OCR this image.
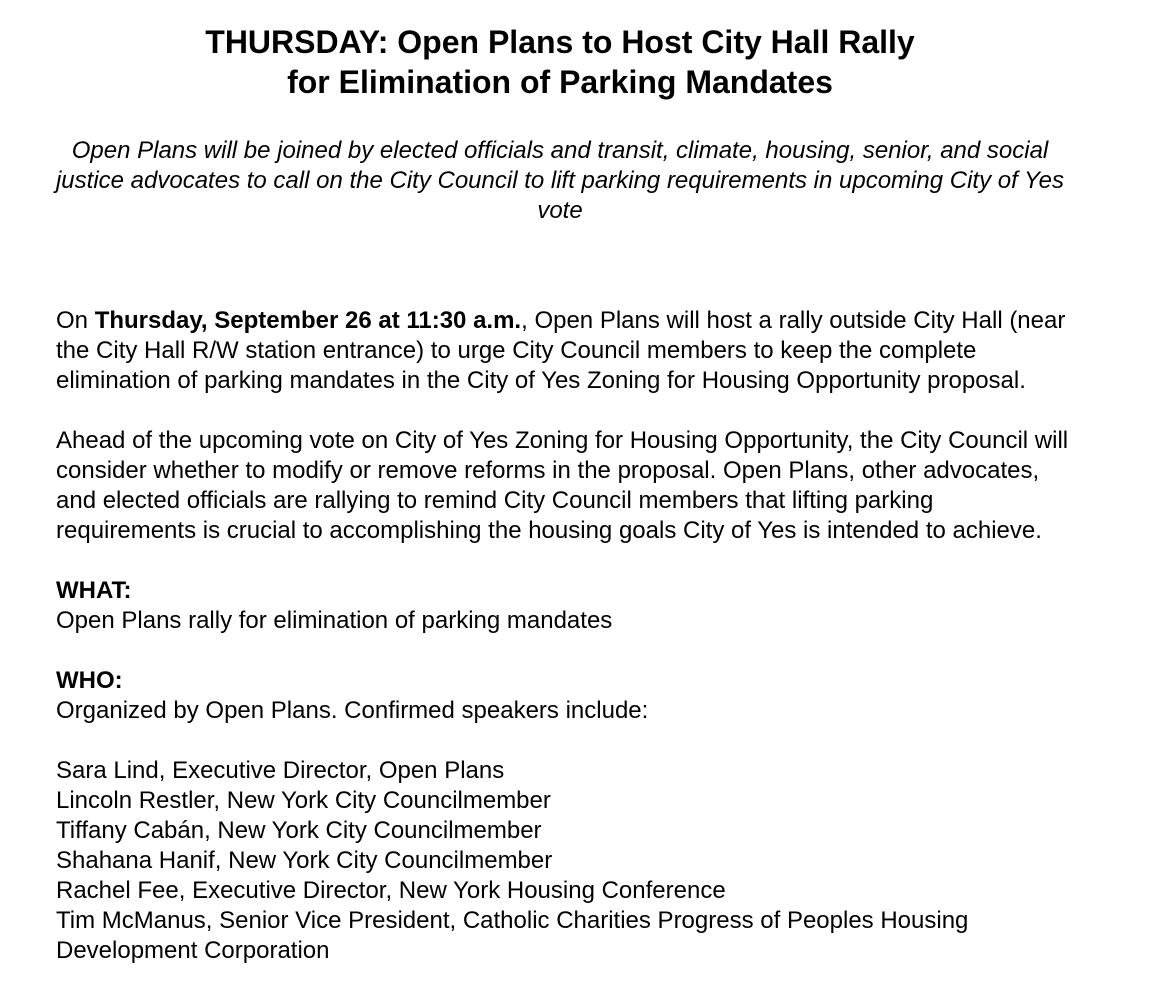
THURSDAY: Open Plans to Host City Hall Rally
for Elimination of Parking Mandates

Open Plans will be joined by elected officials and transit, climate, housing, senior, and social justice advocates to call on the City Council to lift parking requirements in upcoming City of Yes vote

On Thursday, September 26 at 11:30 a.m., Open Plans will host a rally outside City Hall (near the City Hall R/W station entrance) to urge City Council members to keep the complete elimination of parking mandates in the City of Yes Zoning for Housing Opportunity proposal.

Ahead of the upcoming vote on City of Yes Zoning for Housing Opportunity, the City Council will consider whether to modify or remove reforms in the proposal. Open Plans, other advocates, and elected officials are rallying to remind City Council members that lifting parking requirements is crucial to accomplishing the housing goals City of Yes is intended to achieve.

WHAT:

Open Plans rally for elimination of parking mandates

WHO:

Organized by Open Plans. Confirmed speakers include:

Sara Lind, Executive Director, Open Plans
Lincoln Restler, New York City Councilmember
Tiffany Cabán, New York City Councilmember
Shahana Hanif, New York City Councilmember
Rachel Fee, Executive Director, New York Housing Conference
Tim McManus, Senior Vice President, Catholic Charities Progress of Peoples Housing Development Corporation
